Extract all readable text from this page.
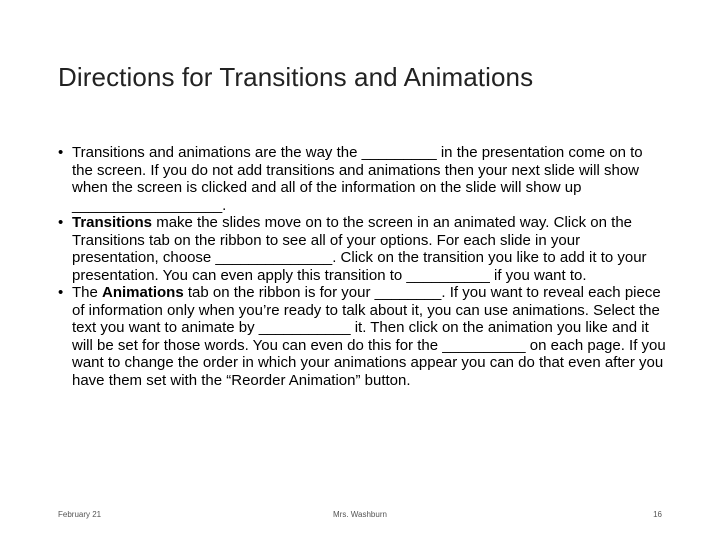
Directions for Transitions and Animations
• Transitions and animations are the way the _________ in the presentation come on to the screen. If you do not add transitions and animations then your next slide will show when the screen is clicked and all of the information on the slide will show up __________________.
• Transitions make the slides move on to the screen in an animated way. Click on the Transitions tab on the ribbon to see all of your options. For each slide in your presentation, choose ______________. Click on the transition you like to add it to your presentation. You can even apply this transition to __________ if you want to.
• The Animations tab on the ribbon is for your ________. If you want to reveal each piece of information only when you’re ready to talk about it, you can use animations. Select the text you want to animate by ___________ it. Then click on the animation you like and it will be set for those words. You can even do this for the __________ on each page. If you want to change the order in which your animations appear you can do that even after you have them set with the “Reorder Animation” button.
February 21	Mrs. Washburn	16
